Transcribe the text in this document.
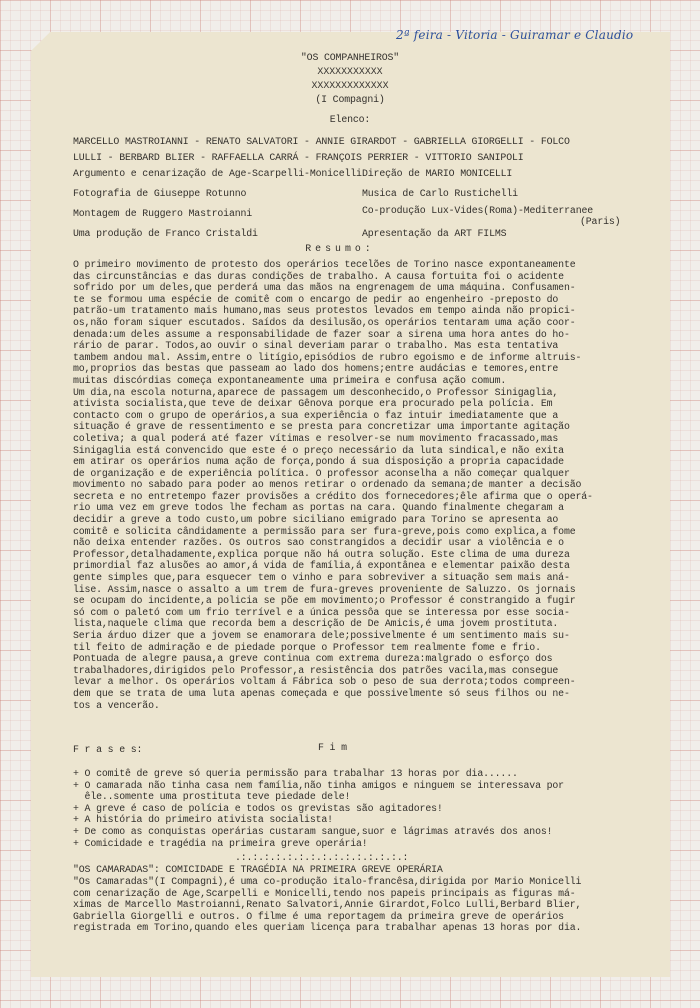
2ª feira - Vitoria - Guiramar e Claudio
"OS COMPANHEIROS"
XXXXXXXXXXX
XXXXXXXXXXXXX
(I Compagni)
Elenco:
MARCELLO MASTROIANNI - RENATO SALVATORI - ANNIE GIRARDOT - GABRIELLA GIORGELLI - FOLCO
LULLI - BERBARD BLIER - RAFFAELLA CARRÁ - FRANÇOIS PERRIER - VITTORIO SANIPOLI
Argumento e cenarização de Age-Scarpelli-Monicelli Direção de MARIO MONICELLI
Fotografia de Giuseppe Rotunno	Musica de Carlo Rustichelli
Montagem de Ruggero Mastroianni	Co-produção Lux-Vides(Roma)-Mediterranee
(Paris)
Uma produção de Franco Cristaldi	Apresentação da ART FILMS
Resumo:
O primeiro movimento de protesto dos operários tecelões de Torino nasce expontaneamente
das circunstâncias e das duras condições de trabalho. A causa fortuita foi o acidente
sofrido por um deles,que perderá uma das mãos na engrenagem de uma máquina. Confusamen-
te se formou uma espécie de comitê com o encargo de pedir ao engenheiro -preposto do
patrão-um tratamento mais humano,mas seus protestos levados em tempo ainda não propici-
os,não foram siquer escutados. Saídos da desilusão,os operários tentaram uma ação coor-
denada:um deles assume a responsabilidade de fazer soar a sirena uma hora antes do ho-
rário de parar. Todos,ao ouvir o sinal deveriam parar o trabalho. Mas esta tentativa
tambem andou mal. Assim,entre o litígio,episódios de rubro egoismo e de informe altruis-
mo,proprios das bestas que passeam ao lado dos homens;entre audácias e temores,entre
muitas discórdias começa expontaneamente uma primeira e confusa ação comum.
Um dia,na escola noturna,aparece de passagem um desconhecido,o Professor Sinigaglia,
ativista socialista,que teve de deixar Gênova porque era procurado pela polícia. Em
contacto com o grupo de operários,a sua experiência o faz intuir imediatamente que a
situação é grave de ressentimento e se presta para concretizar uma importante agitação
coletiva; a qual poderá até fazer vítimas e resolver-se num movimento fracassado,mas
Sinigaglia está convencido que este é o preço necessário da luta sindical,e não exita
em atirar os operários numa ação de força,pondo á sua disposição a propria capacidade
de organização e de experiência política. O professor aconselha a não começar qualquer
movimento no sabado para poder ao menos retirar o ordenado da semana;de manter a decisão
secreta e no entretempo fazer provisões a crédito dos fornecedores;êle afirma que o operá-
rio uma vez em greve todos lhe fecham as portas na cara. Quando finalmente chegaram a
decidir a greve a todo custo,um pobre siciliano emigrado para Torino se apresenta ao
comitê e solicita cândidamente a permissão para ser fura-greve,pois como explica,a fome
não deixa entender razões. Os outros sao constrangidos a decidir usar a violência e o
Professor,detalhadamente,explica porque não há outra solução. Este clima de uma dureza
primordial faz alusões ao amor,á vida de família,á expontânea e elementar paixão desta
gente simples que,para esquecer tem o vinho e para sobreviver a situação sem mais aná-
lise. Assim,nasce o assalto a um trem de fura-greves proveniente de Saluzzo. Os jornais
se ocupam do incidente,a policia se põe em movimento;o Professor é constrangido a fugir
só com o paletó com um frio terrível e a única pessôa que se interessa por esse socia-
lista,naquele clima que recorda bem a descrição de De Amicis,é uma jovem prostituta.
Seria árduo dizer que a jovem se enamorara dele;possivelmente é um sentimento mais su-
til feito de admiração e de piedade porque o Professor tem realmente fome e frio.
Pontuada de alegre pausa,a greve continua com extrema dureza:malgrado o esforço dos
trabalhadores,dirigidos pelo Professor,a resistência dos patrões vacila,mas consegue
levar a melhor. Os operários voltam á Fábrica sob o peso de sua derrota;todos compreen-
dem que se trata de uma luta apenas começada e que possivelmente só seus filhos ou ne-
tos a vencerão.
F r a s e s:	F i m
+ O comitê de greve só queria permissão para trabalhar 13 horas por dia......
+ O camarada não tinha casa nem família,não tinha amigos e ninguem se interessava por
êle..somente uma prostituta teve piedade dele!
+ A greve é caso de polícia e todos os grevistas são agitadores!
+ A história do primeiro ativista socialista!
+ De como as conquistas operárias custaram sangue,suor e lágrimas através dos anos!
+ Comicidade e tragédia na primeira greve operária!
.:.:.:.:.:.:.:.:.:.:.:.:.:.:.:
"OS CAMARADAS": COMICIDADE E TRAGÉDIA NA PRIMEIRA GREVE OPERÁRIA
"Os Camaradas"(I Compagni),é uma co-produção italo-francêsa,dirigida por Mario Monicelli
com cenarização de Age,Scarpelli e Monicelli,tendo nos papeis principais as figuras má-
ximas de Marcello Mastroianni,Renato Salvatori,Annie Girardot,Folco Lulli,Berbard Blier,
Gabriella Giorgelli e outros. O filme é uma reportagem da primeira greve de operários
registrada em Torino,quando eles queriam licença para trabalhar apenas 13 horas por dia.
